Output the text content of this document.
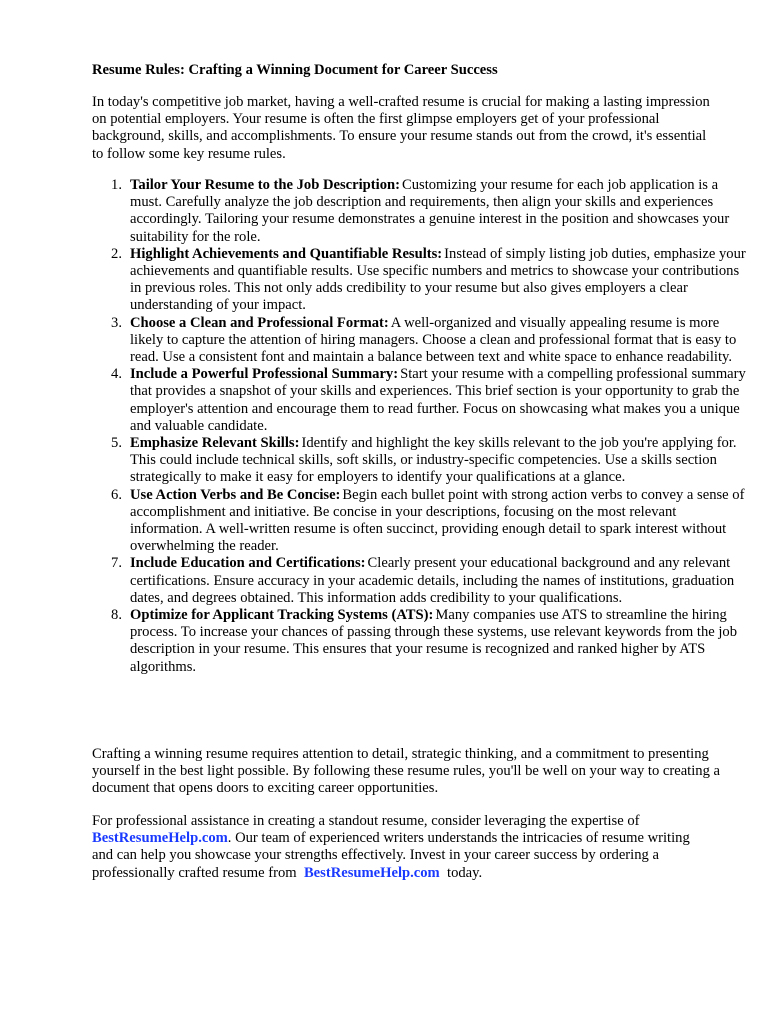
Resume Rules: Crafting a Winning Document for Career Success

In today's competitive job market, having a well-crafted resume is crucial for making a lasting impression on potential employers. Your resume is often the first glimpse employers get of your professional background, skills, and accomplishments. To ensure your resume stands out from the crowd, it's essential to follow some key resume rules.

1. Tailor Your Resume to the Job Description: Customizing your resume for each job application is a must. Carefully analyze the job description and requirements, then align your skills and experiences accordingly. Tailoring your resume demonstrates a genuine interest in the position and showcases your suitability for the role.
2. Highlight Achievements and Quantifiable Results: Instead of simply listing job duties, emphasize your achievements and quantifiable results. Use specific numbers and metrics to showcase your contributions in previous roles. This not only adds credibility to your resume but also gives employers a clear understanding of your impact.
3. Choose a Clean and Professional Format: A well-organized and visually appealing resume is more likely to capture the attention of hiring managers. Choose a clean and professional format that is easy to read. Use a consistent font and maintain a balance between text and white space to enhance readability.
4. Include a Powerful Professional Summary: Start your resume with a compelling professional summary that provides a snapshot of your skills and experiences. This brief section is your opportunity to grab the employer's attention and encourage them to read further. Focus on showcasing what makes you a unique and valuable candidate.
5. Emphasize Relevant Skills: Identify and highlight the key skills relevant to the job you're applying for. This could include technical skills, soft skills, or industry-specific competencies. Use a skills section strategically to make it easy for employers to identify your qualifications at a glance.
6. Use Action Verbs and Be Concise: Begin each bullet point with strong action verbs to convey a sense of accomplishment and initiative. Be concise in your descriptions, focusing on the most relevant information. A well-written resume is often succinct, providing enough detail to spark interest without overwhelming the reader.
7. Include Education and Certifications: Clearly present your educational background and any relevant certifications. Ensure accuracy in your academic details, including the names of institutions, graduation dates, and degrees obtained. This information adds credibility to your qualifications.
8. Optimize for Applicant Tracking Systems (ATS): Many companies use ATS to streamline the hiring process. To increase your chances of passing through these systems, use relevant keywords from the job description in your resume. This ensures that your resume is recognized and ranked higher by ATS algorithms.

Crafting a winning resume requires attention to detail, strategic thinking, and a commitment to presenting yourself in the best light possible. By following these resume rules, you'll be well on your way to creating a document that opens doors to exciting career opportunities.

For professional assistance in creating a standout resume, consider leveraging the expertise of BestResumeHelp.com. Our team of experienced writers understands the intricacies of resume writing and can help you showcase your strengths effectively. Invest in your career success by ordering a professionally crafted resume from BestResumeHelp.com today.
